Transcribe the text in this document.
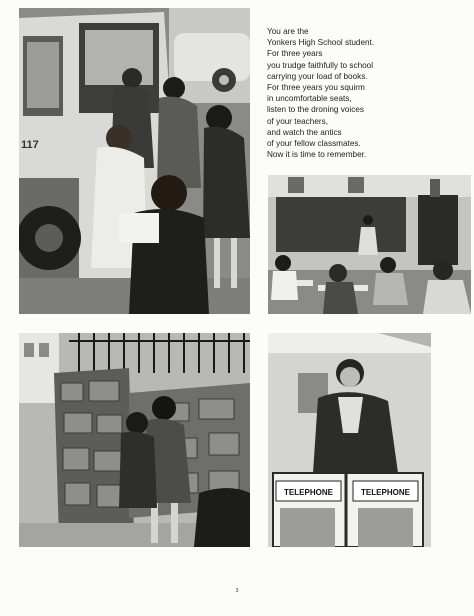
117
You are the
Yonkers High School student.
For three years
you trudge faithfully to school
carrying your load of books.
For three years you squirm
in uncomfortable seats,
listen to the droning voices
of your teachers,
and watch the antics
of your fellow classmates.
Now it is time to remember.
TELEPHONE	TELEPHONE
3
